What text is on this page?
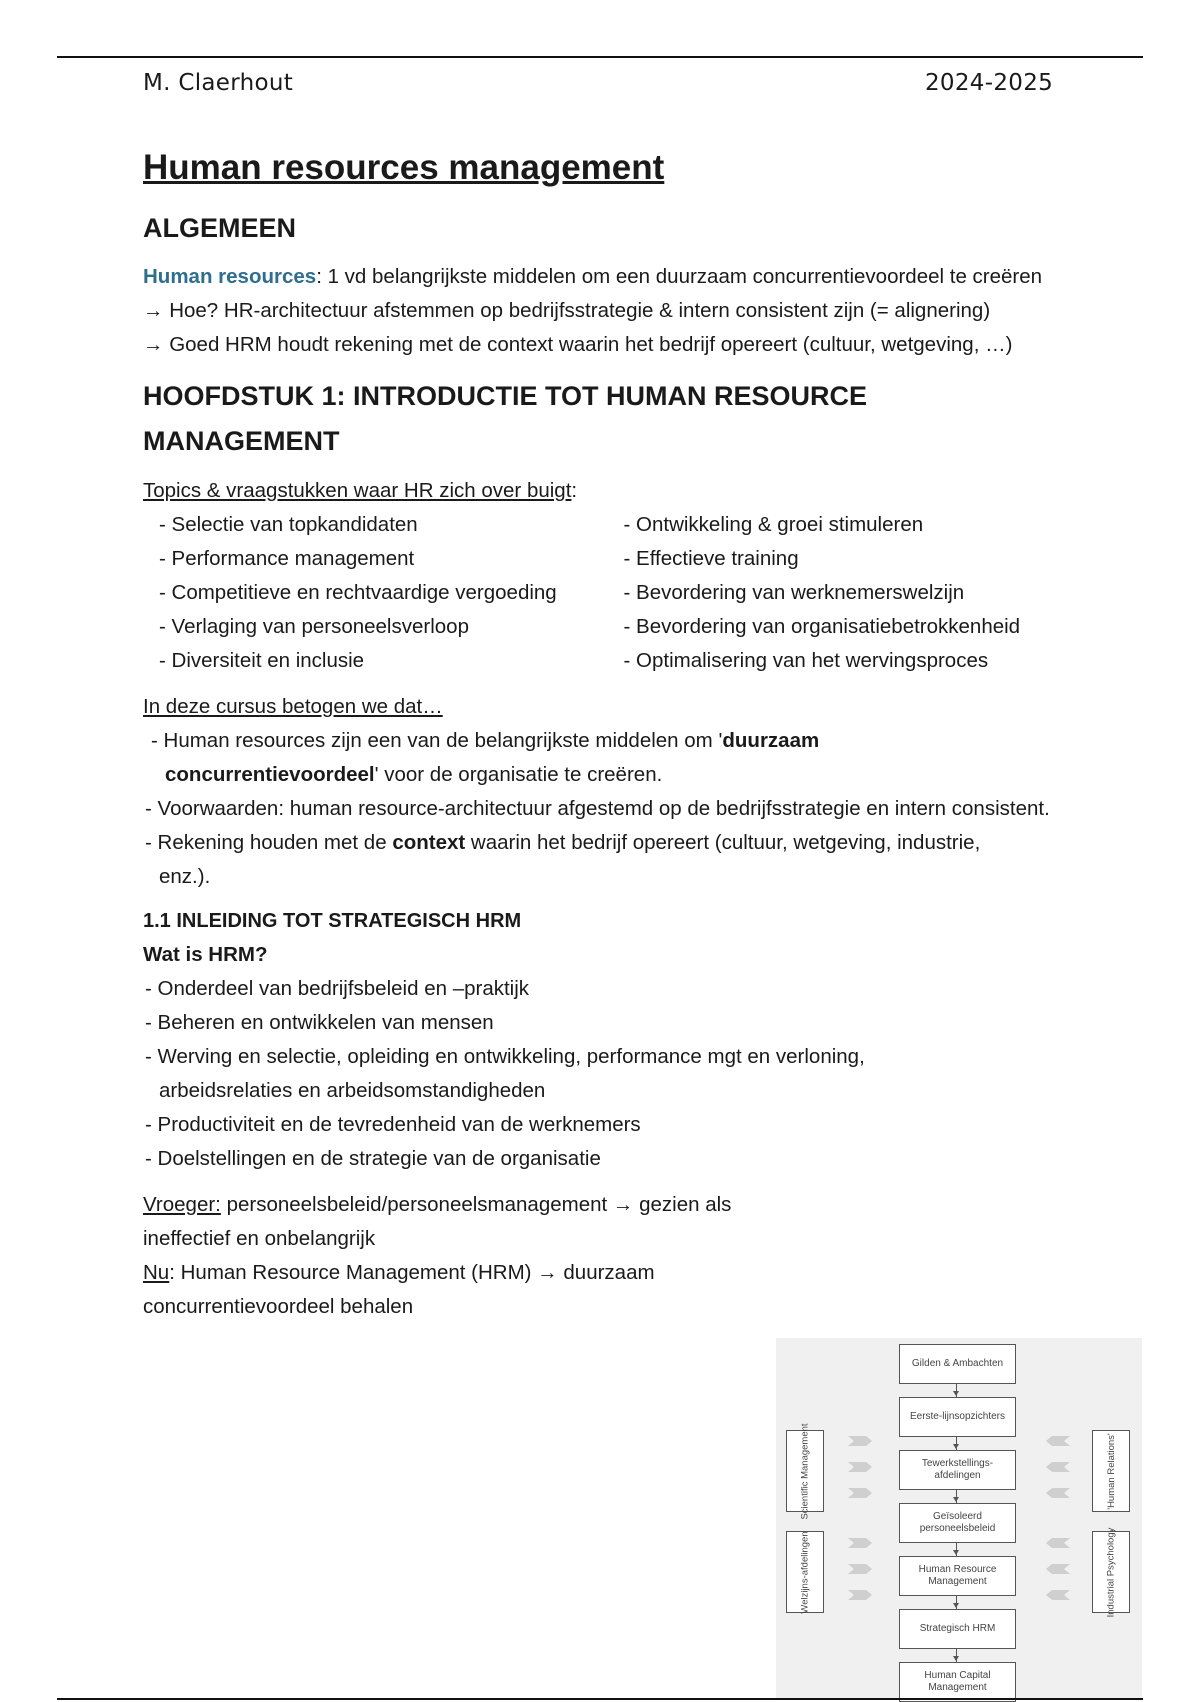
M. Claerhout	2024-2025
Human resources management
ALGEMEEN
Human resources: 1 vd belangrijkste middelen om een duurzaam concurrentievoordeel te creëren
→ Hoe? HR-architectuur afstemmen op bedrijfsstrategie & intern consistent zijn (= alignering)
→ Goed HRM houdt rekening met de context waarin het bedrijf opereert (cultuur, wetgeving, …)
HOOFDSTUK 1: INTRODUCTIE TOT HUMAN RESOURCE MANAGEMENT
Topics & vraagstukken waar HR zich over buigt:
- Selectie van topkandidaten
- Performance management
- Competitieve en rechtvaardige vergoeding
- Verlaging van personeelsverloop
- Diversiteit en inclusie
- Ontwikkeling & groei stimuleren
- Effectieve training
- Bevordering van werknemerswelzijn
- Bevordering van organisatiebetrokkenheid
- Optimalisering van het wervingsproces
In deze cursus betogen we dat…
- Human resources zijn een van de belangrijkste middelen om 'duurzaam concurrentievoordeel' voor de organisatie te creëren.
- Voorwaarden: human resource-architectuur afgestemd op de bedrijfsstrategie en intern consistent.
- Rekening houden met de context waarin het bedrijf opereert (cultuur, wetgeving, industrie, enz.).
1.1 INLEIDING TOT STRATEGISCH HRM
Wat is HRM?
- Onderdeel van bedrijfsbeleid en –praktijk
- Beheren en ontwikkelen van mensen
- Werving en selectie, opleiding en ontwikkeling, performance mgt en verloning, arbeidsrelaties en arbeidsomstandigheden
- Productiviteit en de tevredenheid van de werknemers
- Doelstellingen en de strategie van de organisatie
Vroeger: personeelsbeleid/personeelsmanagement → gezien als ineffectief en onbelangrijk
Nu: Human Resource Management (HRM) → duurzaam concurrentievoordeel behalen
Gilden & Ambachten
Eerste-lijnsopzichters
Tewerkstellings-afdelingen
Geïsoleerd personeelsbeleid
Human Resource Management
Strategisch HRM
Human Capital Management
Scientific Management
Welzijns-afdelingen
'Human Relations'
Industrial Psychology
